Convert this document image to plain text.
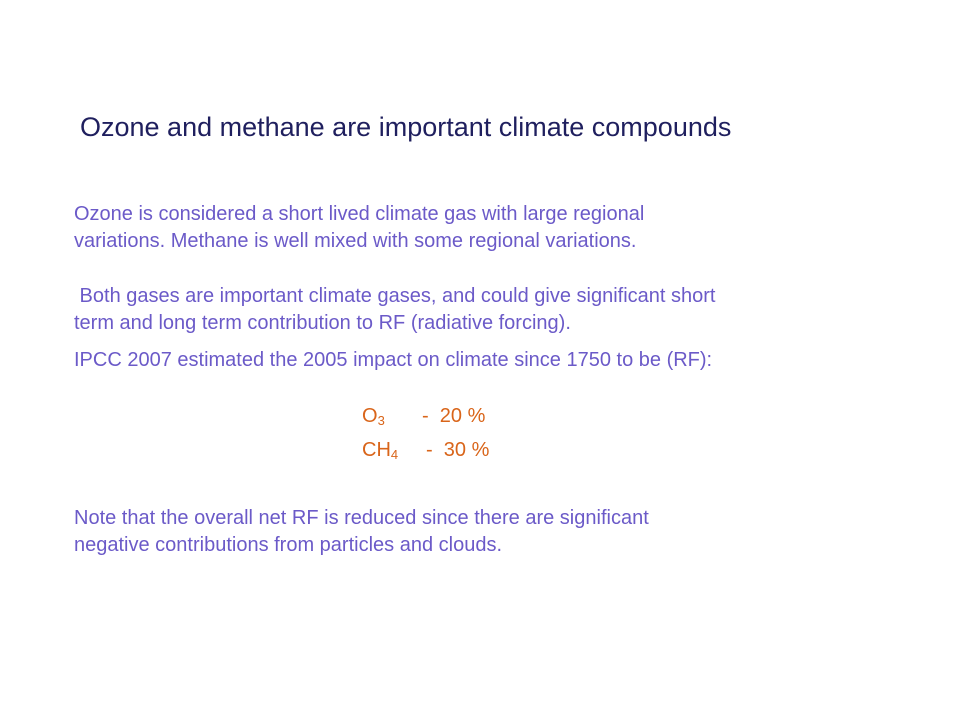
Ozone and methane are important climate compounds

Ozone is considered a short lived climate gas with large regional
variations. Methane is well mixed with some regional variations.

Both gases are important climate gases, and could give significant short
term and long term contribution to RF (radiative forcing).

IPCC 2007 estimated the 2005 impact on climate since 1750 to be (RF):

$O_3$	-  20 %
$CH_4$	-  30 %

Note that the overall net RF is reduced since there are significant
negative contributions from particles and clouds.
